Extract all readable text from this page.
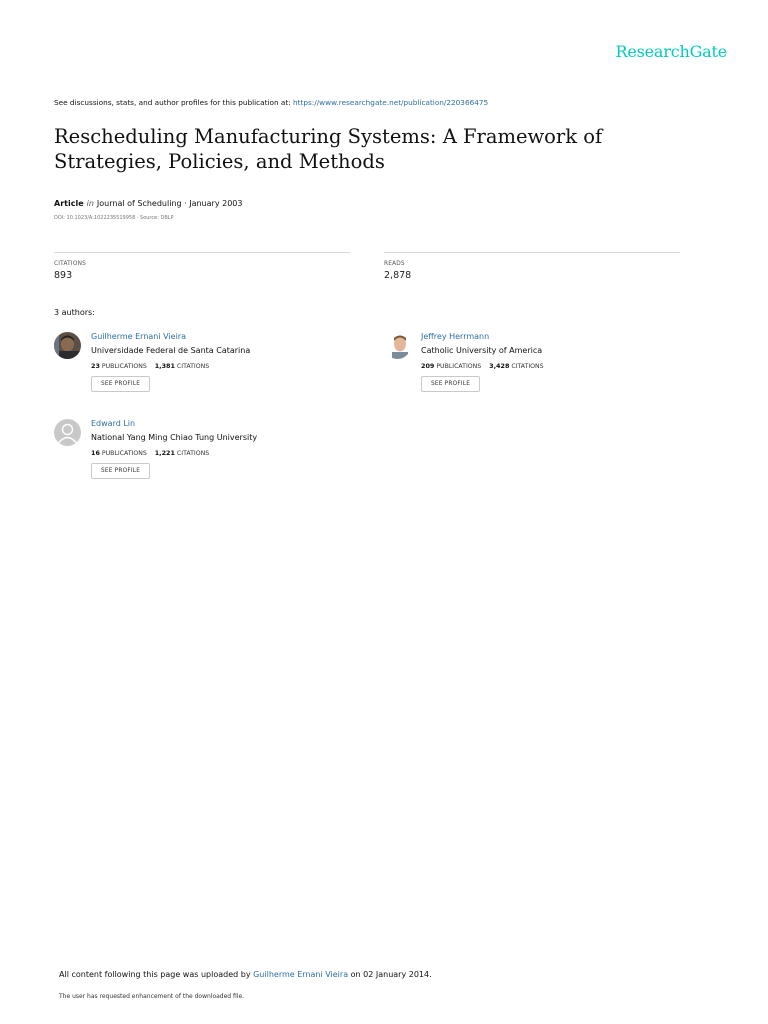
ResearchGate
See discussions, stats, and author profiles for this publication at: https://www.researchgate.net/publication/220366475
Rescheduling Manufacturing Systems: A Framework of Strategies, Policies, and Methods
Article in Journal of Scheduling · January 2003
DOI: 10.1023/A:1022235519958 · Source: DBLP
CITATIONS
893
READS
2,878
3 authors:
Guilherme Ernani Vieira
Universidade Federal de Santa Catarina
23 PUBLICATIONS 1,381 CITATIONS
SEE PROFILE
Jeffrey Herrmann
Catholic University of America
209 PUBLICATIONS 3,428 CITATIONS
SEE PROFILE
Edward Lin
National Yang Ming Chiao Tung University
16 PUBLICATIONS 1,221 CITATIONS
SEE PROFILE
All content following this page was uploaded by Guilherme Ernani Vieira on 02 January 2014.
The user has requested enhancement of the downloaded file.
